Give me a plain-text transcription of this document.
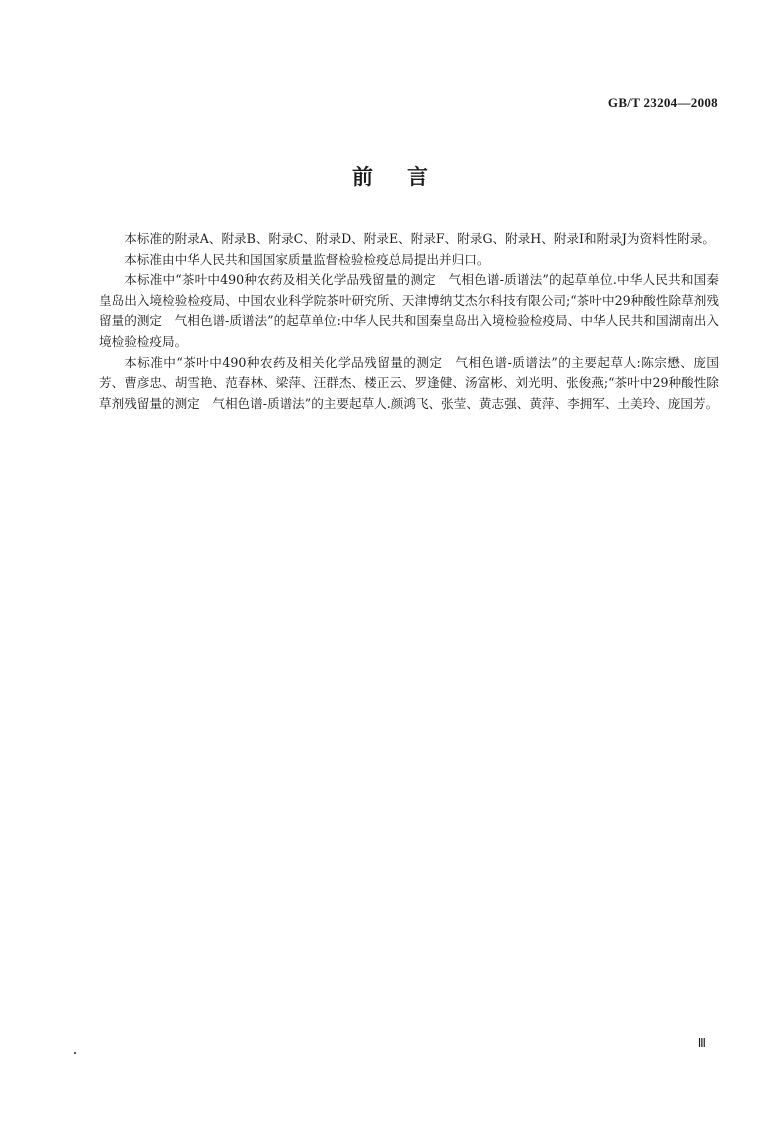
GB/T 23204—2008
前言

本标准的附录A、附录B、附录C、附录D、附录E、附录F、附录G、附录H、附录I和附录J为资料性附录。

本标准由中华人民共和国国家质量监督检验检疫总局提出并归口。

本标准中“茶叶中490种农药及相关化学品残留量的测定　气相色谱-质谱法”的起草单位.中华人民共和国秦皇岛出入境检验检疫局、中国农业科学院茶叶研究所、天津博纳艾杰尔科技有限公司;“茶叶中29种酸性除草剂残留量的测定　气相色谱-质谱法”的起草单位:中华人民共和国秦皇岛出入境检验检疫局、中华人民共和国湖南出入境检验检疫局。

本标准中“茶叶中490种农药及相关化学品残留量的测定　气相色谱-质谱法”的主要起草人:陈宗懋、庞国芳、曹彦忠、胡雪艳、范春林、梁萍、汪群杰、楼正云、罗逢健、汤富彬、刘光明、张俊燕;“茶叶中29种酸性除草剂残留量的测定　气相色谱-质谱法”的主要起草人.颜鸿飞、张莹、黄志强、黄萍、李拥军、土美玲、庞国芳。

Ⅲ
